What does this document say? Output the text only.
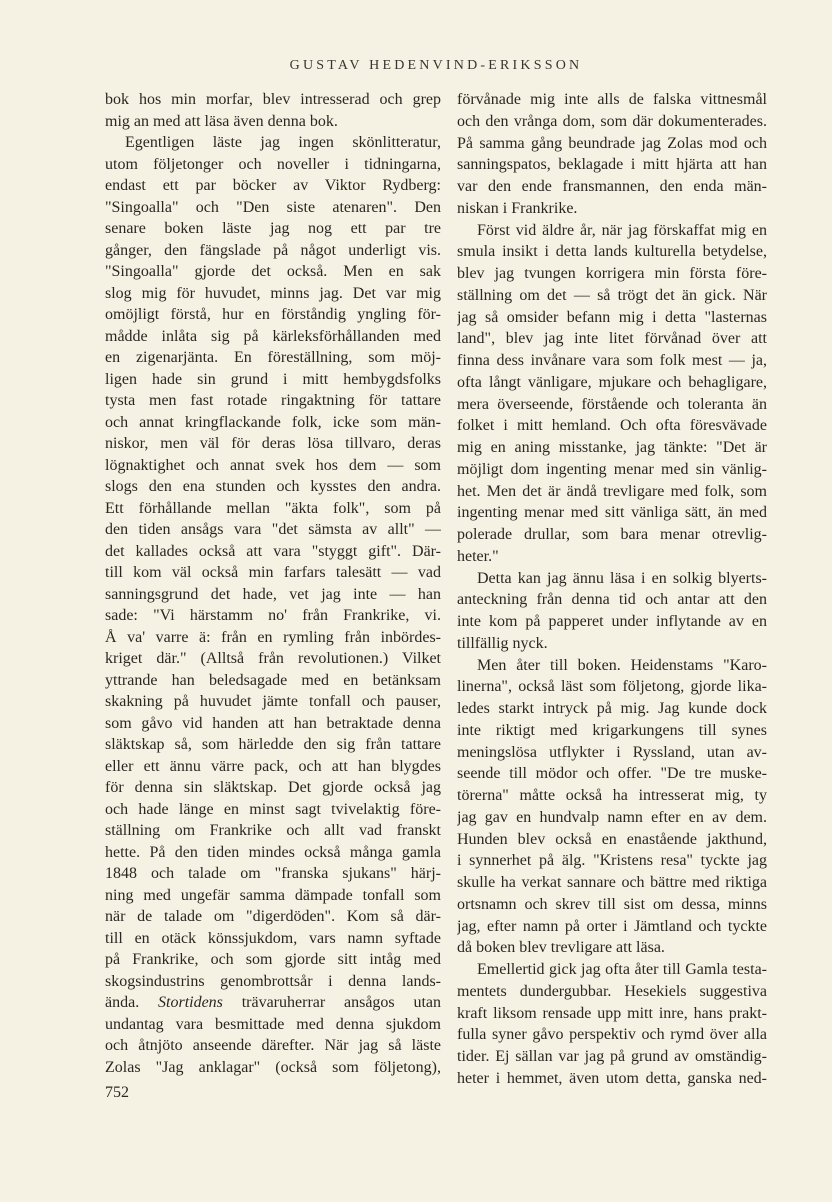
GUSTAV HEDENVIND-ERIKSSON
bok hos min morfar, blev intresserad och grep
mig an med att läsa även denna bok.
Egentligen läste jag ingen skönlitteratur,
utom följetonger och noveller i tidningarna,
endast ett par böcker av Viktor Rydberg:
"Singoalla" och "Den siste atenaren". Den
senare boken läste jag nog ett par tre
gånger, den fängslade på något underligt vis.
"Singoalla" gjorde det också. Men en sak
slog mig för huvudet, minns jag. Det var mig
omöjligt förstå, hur en förståndig yngling för-
mådde inlåta sig på kärleksförhållanden med
en zigenarjänta. En föreställning, som möj-
ligen hade sin grund i mitt hembygdsfolks
tysta men fast rotade ringaktning för tattare
och annat kringflackande folk, icke som män-
niskor, men väl för deras lösa tillvaro, deras
lögnaktighet och annat svek hos dem — som
slogs den ena stunden och kysstes den andra.
Ett förhållande mellan "äkta folk", som på
den tiden ansågs vara "det sämsta av allt" —
det kallades också att vara "styggt gift". Där-
till kom väl också min farfars talesätt — vad
sanningsgrund det hade, vet jag inte — han
sade: "Vi härstamm no' från Frankrike, vi.
Å va' varre ä: från en rymling från inbördes-
kriget där." (Alltså från revolutionen.) Vilket
yttrande han beledsagade med en betänksam
skakning på huvudet jämte tonfall och pauser,
som gåvo vid handen att han betraktade denna
släktskap så, som härledde den sig från tattare
eller ett ännu värre pack, och att han blygdes
för denna sin släktskap. Det gjorde också jag
och hade länge en minst sagt tvivelaktig före-
ställning om Frankrike och allt vad franskt
hette. På den tiden mindes också många gamla
1848 och talade om "franska sjukans" härj-
ning med ungefär samma dämpade tonfall som
när de talade om "digerdöden". Kom så där-
till en otäck könssjukdom, vars namn syftade
på Frankrike, och som gjorde sitt intåg med
skogsindustrins genombrottsår i denna lands-
ända. Stortidens trävaruherrar ansågos utan
undantag vara besmittade med denna sjukdom
och åtnjöto anseende därefter. När jag så läste
Zolas "Jag anklagar" (också som följetong),
förvånade mig inte alls de falska vittnesmål
och den vrånga dom, som där dokumenterades.
På samma gång beundrade jag Zolas mod och
sanningspatos, beklagade i mitt hjärta att han
var den ende fransmannen, den enda män-
niskan i Frankrike.
Först vid äldre år, när jag förskaffat mig en
smula insikt i detta lands kulturella betydelse,
blev jag tvungen korrigera min första före-
ställning om det — så trögt det än gick. När
jag så omsider befann mig i detta "lasternas
land", blev jag inte litet förvånad över att
finna dess invånare vara som folk mest — ja,
ofta långt vänligare, mjukare och behagligare,
mera överseende, förstående och toleranta än
folket i mitt hemland. Och ofta föresvävade
mig en aning misstanke, jag tänkte: "Det är
möjligt dom ingenting menar med sin vänlig-
het. Men det är ändå trevligare med folk, som
ingenting menar med sitt vänliga sätt, än med
polerade drullar, som bara menar otrevlig-
heter."
Detta kan jag ännu läsa i en solkig blyerts-
anteckning från denna tid och antar att den
inte kom på papperet under inflytande av en
tillfällig nyck.
Men åter till boken. Heidenstams "Karo-
linerna", också läst som följetong, gjorde lika-
ledes starkt intryck på mig. Jag kunde dock
inte riktigt med krigarkungens till synes
meningslösa utflykter i Ryssland, utan av-
seende till mödor och offer. "De tre muske-
törerna" måtte också ha intresserat mig, ty
jag gav en hundvalp namn efter en av dem.
Hunden blev också en enastående jakthund,
i synnerhet på älg. "Kristens resa" tyckte jag
skulle ha verkat sannare och bättre med riktiga
ortsnamn och skrev till sist om dessa, minns
jag, efter namn på orter i Jämtland och tyckte
då boken blev trevligare att läsa.
Emellertid gick jag ofta åter till Gamla testa-
mentets dundergubbar. Hesekiels suggestiva
kraft liksom rensade upp mitt inre, hans prakt-
fulla syner gåvo perspektiv och rymd över alla
tider. Ej sällan var jag på grund av omständig-
heter i hemmet, även utom detta, ganska ned-
752
